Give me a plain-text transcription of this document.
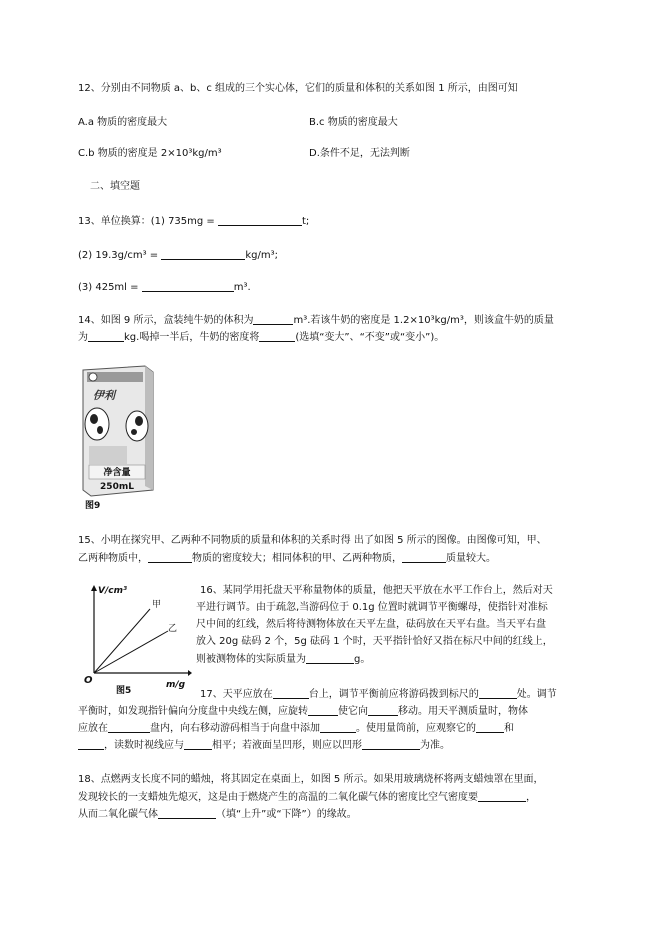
12、分别由不同物质 a、b、c 组成的三个实心体，它们的质量和体积的关系如图 1 所示，由图可知
A.a 物质的密度最大	B.c 物质的密度最大
C.b 物质的密度是 2×10³kg/m³	D.条件不足，无法判断
二、填空题
13、单位换算：(1) 735mg =	t;
(2) 19.3g/cm³ =	kg/m³;
(3) 425ml =	m³.
14、如图 9 所示，盒装纯牛奶的体积为	m³.若该牛奶的密度是 1.2×10³kg/m³，则该盒牛奶的质量
为	kg.喝掉一半后，牛奶的密度将	(选填“变大”、“不变”或“变小”)。
伊利
净含量
250mL
图9
15、小明在探究甲、乙两种不同物质的质量和体积的关系时得 出了如图 5 所示的图像。由图像可知，甲、
乙两种物质中，	物质的密度较大；相同体积的甲、乙两种物质，	质量较大。
V/cm³
甲
乙
O	m/g
图5
16、某同学用托盘天平称量物体的质量，他把天平放在水平工作台上，然后对天
平进行调节。由于疏忽,当游码位于 0.1g 位置时就调节平衡螺母，使指针对准标
尺中间的红线，然后将待测物体放在天平左盘，砝码放在天平右盘。当天平右盘
放入 20g 砝码 2 个，5g 砝码 1 个时，天平指针恰好又指在标尺中间的红线上，
则被测物体的实际质量为	g。
17、天平应放在	台上，调节平衡前应将游码拨到标尺的	处。调节
平衡时，如发现指针偏向分度盘中央线左侧，应旋转	使它向	移动。用天平测质量时，物体
应放在	盘内，向右移动游码相当于向盘中添加	。使用量筒前，应观察它的	和
，读数时视线应与	相平；若液面呈凹形，则应以凹形	为准。
18、点燃两支长度不同的蜡烛，将其固定在桌面上，如图 5 所示。如果用玻璃烧杯将两支蜡烛罩在里面，
发现较长的一支蜡烛先熄灭，这是由于燃烧产生的高温的二氧化碳气体的密度比空气密度要	，
从而二氧化碳气体	（填“上升”或“下降”）的缘故。
